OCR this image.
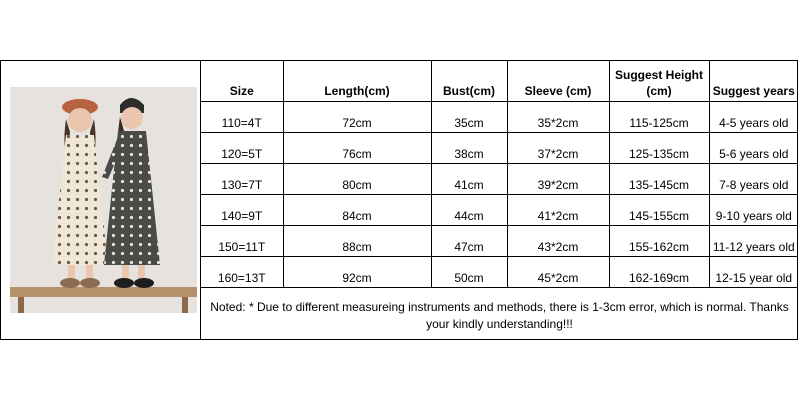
Size	Length(cm)	Bust(cm)	Sleeve (cm)	Suggest Height (cm)	Suggest years
110=4T	72cm	35cm	35*2cm	115-125cm	4-5 years old
120=5T	76cm	38cm	37*2cm	125-135cm	5-6 years old
130=7T	80cm	41cm	39*2cm	135-145cm	7-8 years old
140=9T	84cm	44cm	41*2cm	145-155cm	9-10 years old
150=11T	88cm	47cm	43*2cm	155-162cm	11-12 years old
160=13T	92cm	50cm	45*2cm	162-169cm	12-15 year old
Noted: * Due to different measureing instruments and methods, there is 1-3cm error, which is normal. Thanks your kindly understanding!!!					
